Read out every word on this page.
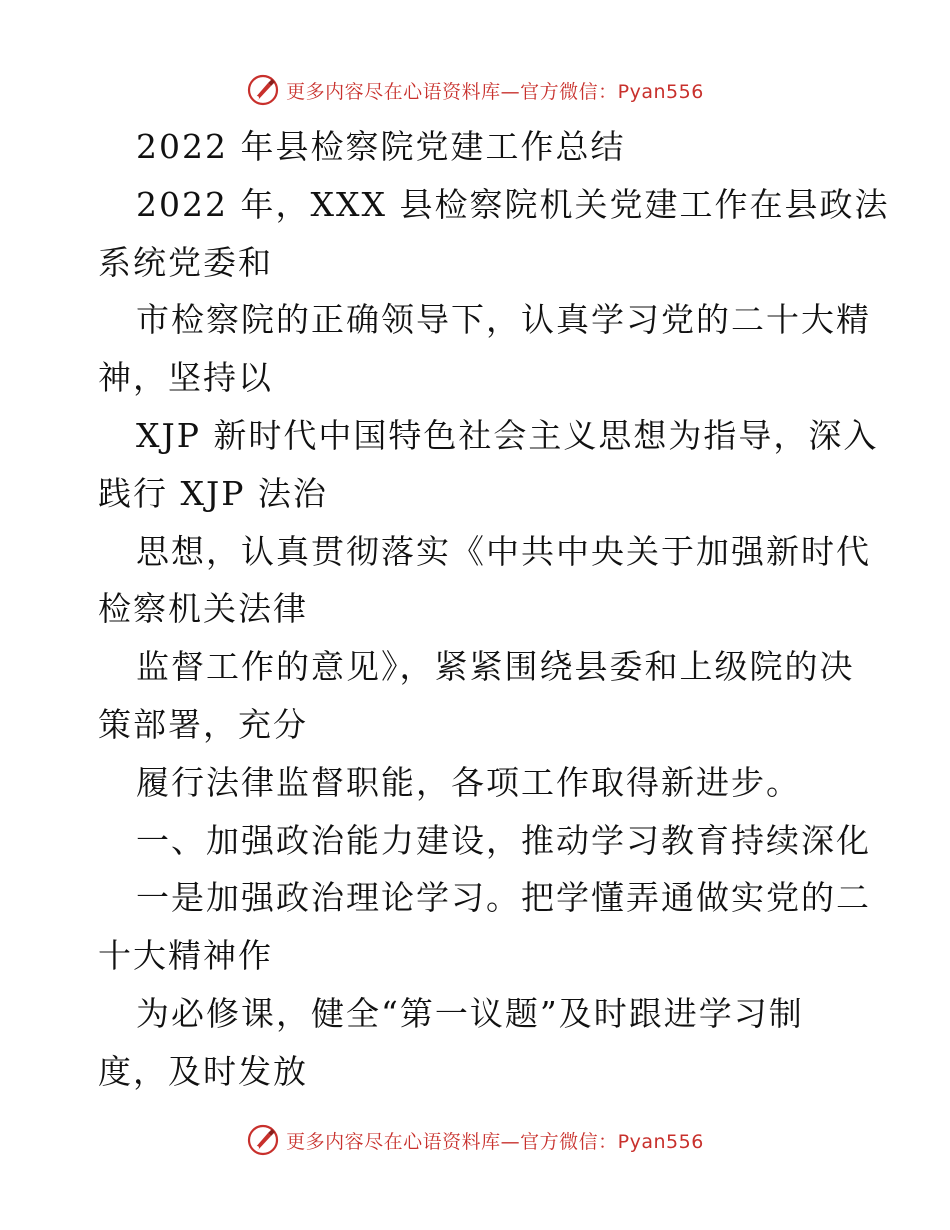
更多内容尽在心语资料库—官方微信：Pyan556
2022 年县检察院党建工作总结
2022 年，XXX 县检察院机关党建工作在县政法
系统党委和
市检察院的正确领导下，认真学习党的二十大精
神，坚持以
XJP 新时代中国特色社会主义思想为指导，深入
践行 XJP 法治
思想，认真贯彻落实《中共中央关于加强新时代
检察机关法律
监督工作的意见》，紧紧围绕县委和上级院的决
策部署，充分
履行法律监督职能，各项工作取得新进步。
一、加强政治能力建设，推动学习教育持续深化
一是加强政治理论学习。把学懂弄通做实党的二
十大精神作
为必修课，健全“第一议题”及时跟进学习制
度，及时发放
更多内容尽在心语资料库—官方微信：Pyan556
